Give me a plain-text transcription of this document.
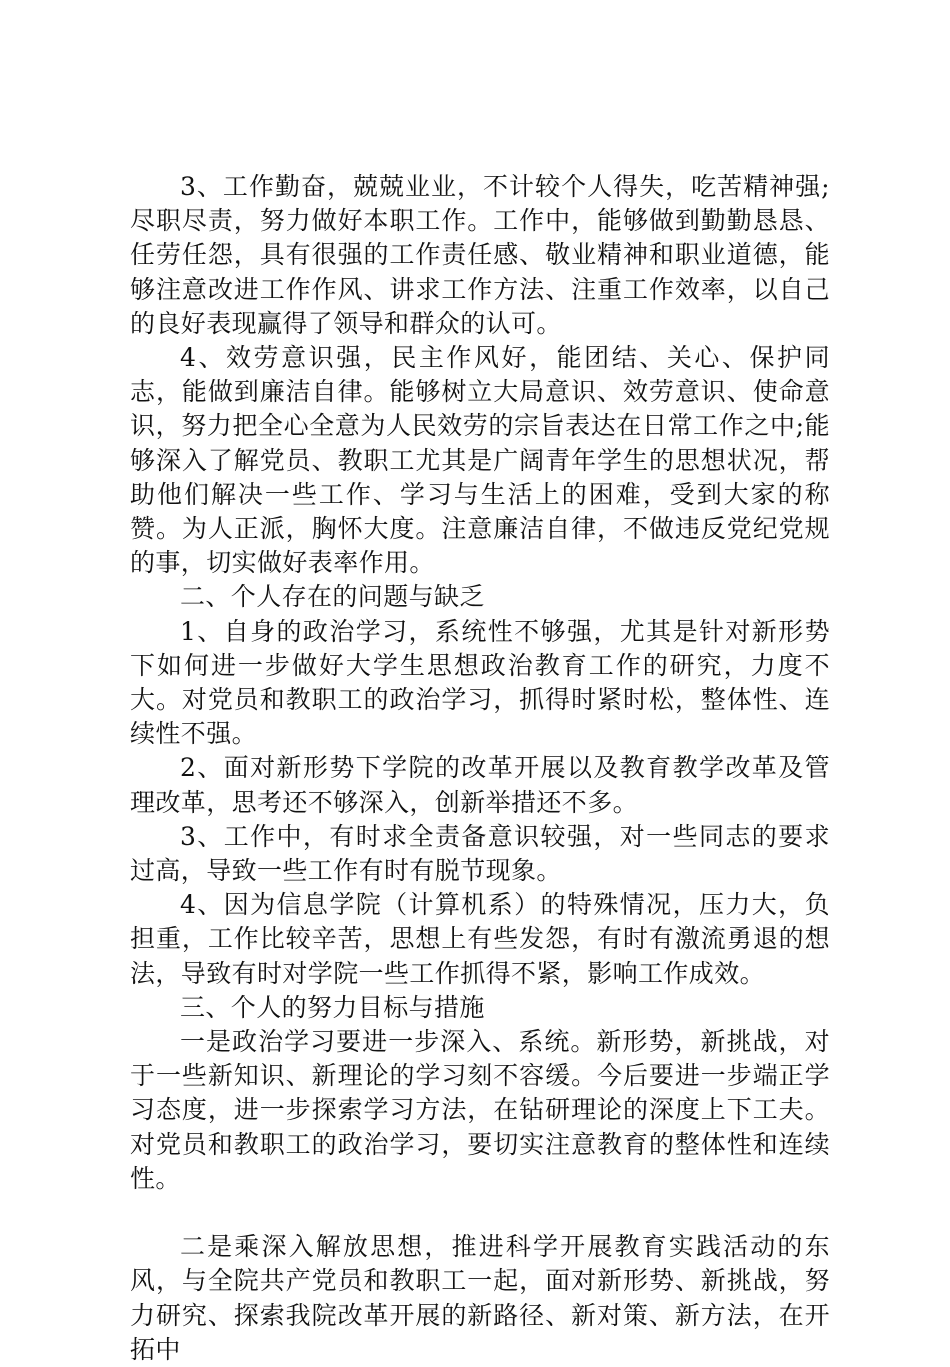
3、工作勤奋，兢兢业业，不计较个人得失，吃苦精神强;尽职尽责，努力做好本职工作。工作中，能够做到勤勤恳恳、任劳任怨，具有很强的工作责任感、敬业精神和职业道德，能够注意改进工作作风、讲求工作方法、注重工作效率，以自己的良好表现赢得了领导和群众的认可。

4、效劳意识强，民主作风好，能团结、关心、保护同志，能做到廉洁自律。能够树立大局意识、效劳意识、使命意识，努力把全心全意为人民效劳的宗旨表达在日常工作之中;能够深入了解党员、教职工尤其是广阔青年学生的思想状况，帮助他们解决一些工作、学习与生活上的困难，受到大家的称赞。为人正派，胸怀大度。注意廉洁自律，不做违反党纪党规的事，切实做好表率作用。

二、个人存在的问题与缺乏

1、自身的政治学习，系统性不够强，尤其是针对新形势下如何进一步做好大学生思想政治教育工作的研究，力度不大。对党员和教职工的政治学习，抓得时紧时松，整体性、连续性不强。

2、面对新形势下学院的改革开展以及教育教学改革及管理改革，思考还不够深入，创新举措还不多。

3、工作中，有时求全责备意识较强，对一些同志的要求过高，导致一些工作有时有脱节现象。

4、因为信息学院（计算机系）的特殊情况，压力大，负担重，工作比较辛苦，思想上有些发怨，有时有激流勇退的想法，导致有时对学院一些工作抓得不紧，影响工作成效。

三、个人的努力目标与措施

一是政治学习要进一步深入、系统。新形势，新挑战，对于一些新知识、新理论的学习刻不容缓。今后要进一步端正学习态度，进一步探索学习方法，在钻研理论的深度上下工夫。对党员和教职工的政治学习，要切实注意教育的整体性和连续性。

二是乘深入解放思想，推进科学开展教育实践活动的东风，与全院共产党员和教职工一起，面对新形势、新挑战，努力研究、探索我院改革开展的新路径、新对策、新方法，在开拓中
